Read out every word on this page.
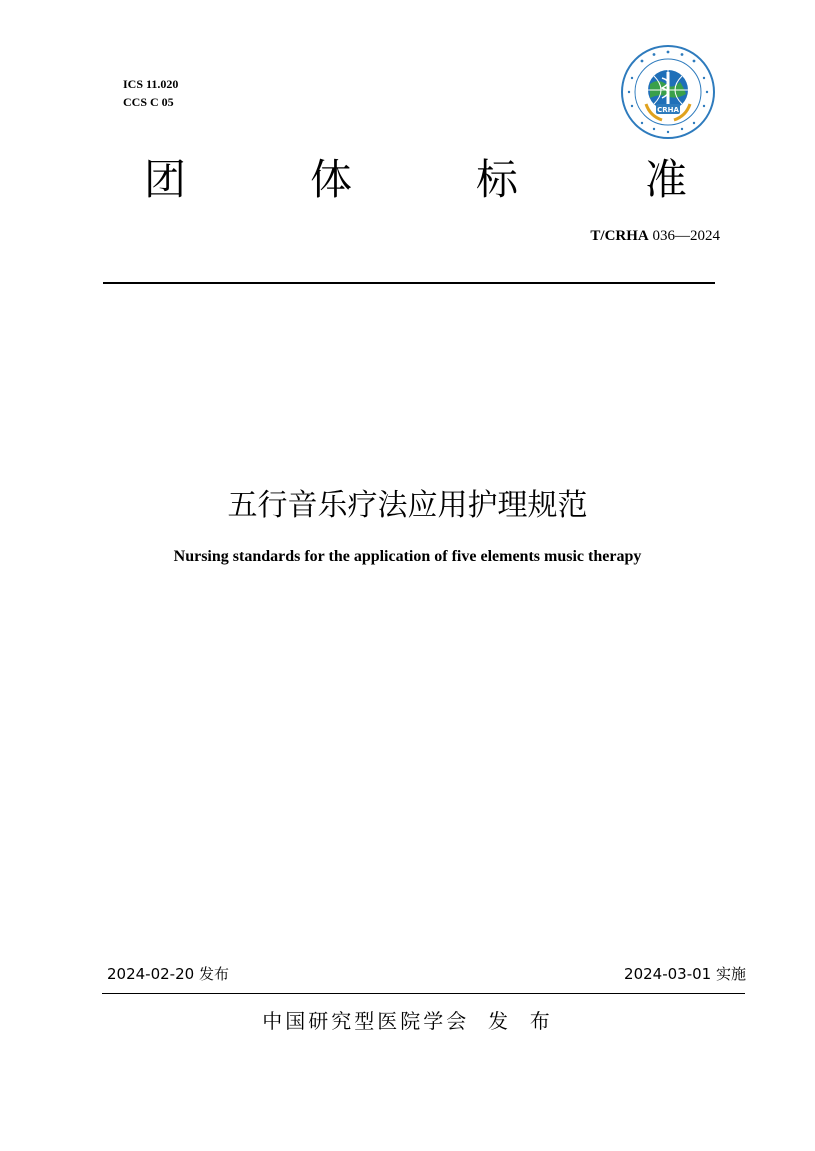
ICS 11.020
CCS C 05
CRHA
团	体	标	准
T/CRHA 036—2024
五行音乐疗法应用护理规范
Nursing standards for the application of five elements music therapy
2024-02-20 发布	2024-03-01 实施
中国研究型医院学会  发  布
